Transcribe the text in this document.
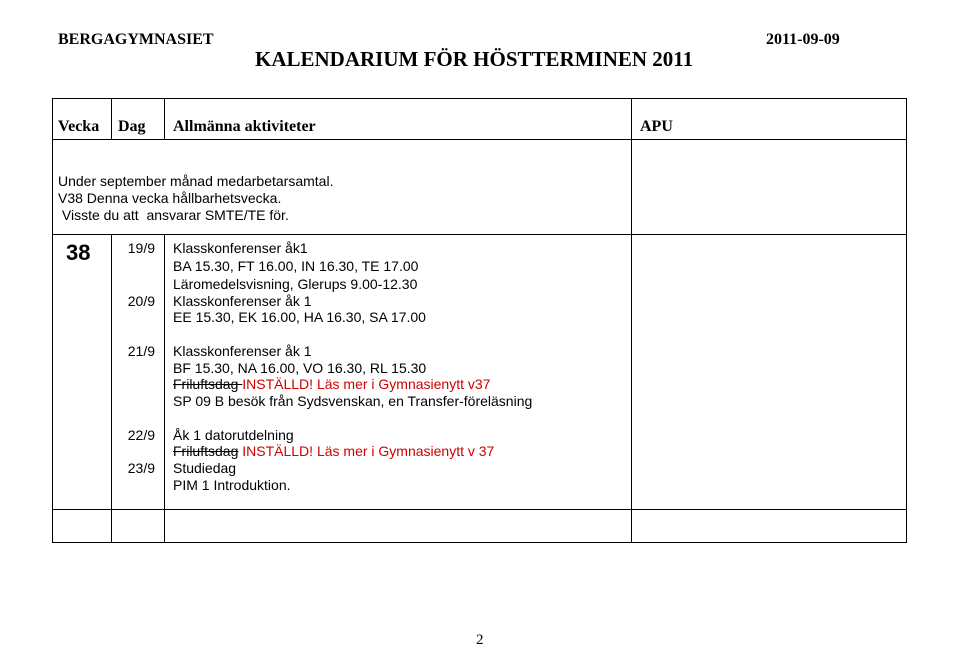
BERGAGYMNASIET	2011-09-09
KALENDARIUM FÖR HÖSTTERMINEN 2011
Vecka Dag Allmänna aktiviteter	APU
Under september månad medarbetarsamtal.
V38 Denna vecka hållbarhetsvecka.
Visste du att  ansvarar SMTE/TE för.
38	19/9 Klasskonferenser åk1
BA 15.30, FT 16.00, IN 16.30, TE 17.00
Läromedelsvisning, Glerups 9.00-12.30
20/9 Klasskonferenser åk 1
EE 15.30, EK 16.00, HA 16.30, SA 17.00
21/9 Klasskonferenser åk 1
BF 15.30, NA 16.00, VO 16.30, RL 15.30
Friluftsdag INSTÄLLD! Läs mer i Gymnasienytt v37
SP 09 B besök från Sydsvenskan, en Transfer-föreläsning
22/9 Åk 1 datorutdelning
Friluftsdag INSTÄLLD! Läs mer i Gymnasienytt v 37
23/9 Studiedag
PIM 1 Introduktion.
2
